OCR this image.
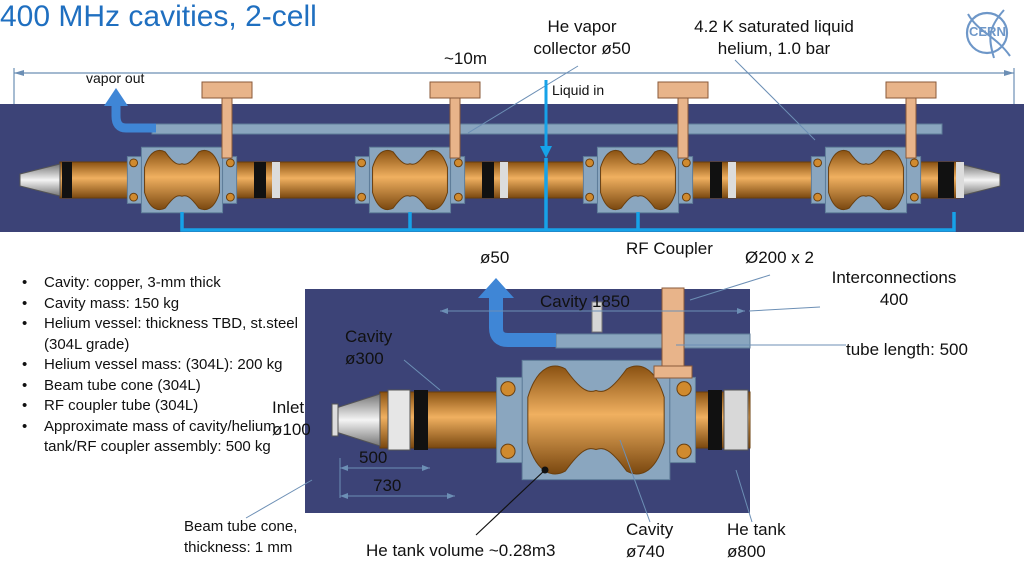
400 MHz cavities, 2-cell	He vapor
collector ø50
4.2 K saturated liquid
helium, 1.0 bar
~10m
vapor out
Liquid in
CERN
RF Coupler
ø50	Ø200 x 2
Interconnections
400
Cavity 1850
Cavity
ø300	tube length: 500
Inlet
ø100
500
730
Beam tube cone,
thickness: 1 mm	He tank volume ~0.28m3
Cavity
ø740
He tank
ø800
• Cavity: copper, 3-mm thick
• Cavity mass: 150 kg
• Helium vessel: thickness TBD, st.steel (304L grade)
• Helium vessel mass: (304L): 200 kg
• Beam tube cone (304L)
• RF coupler tube (304L)
• Approximate mass of cavity/helium tank/RF coupler assembly: 500 kg
